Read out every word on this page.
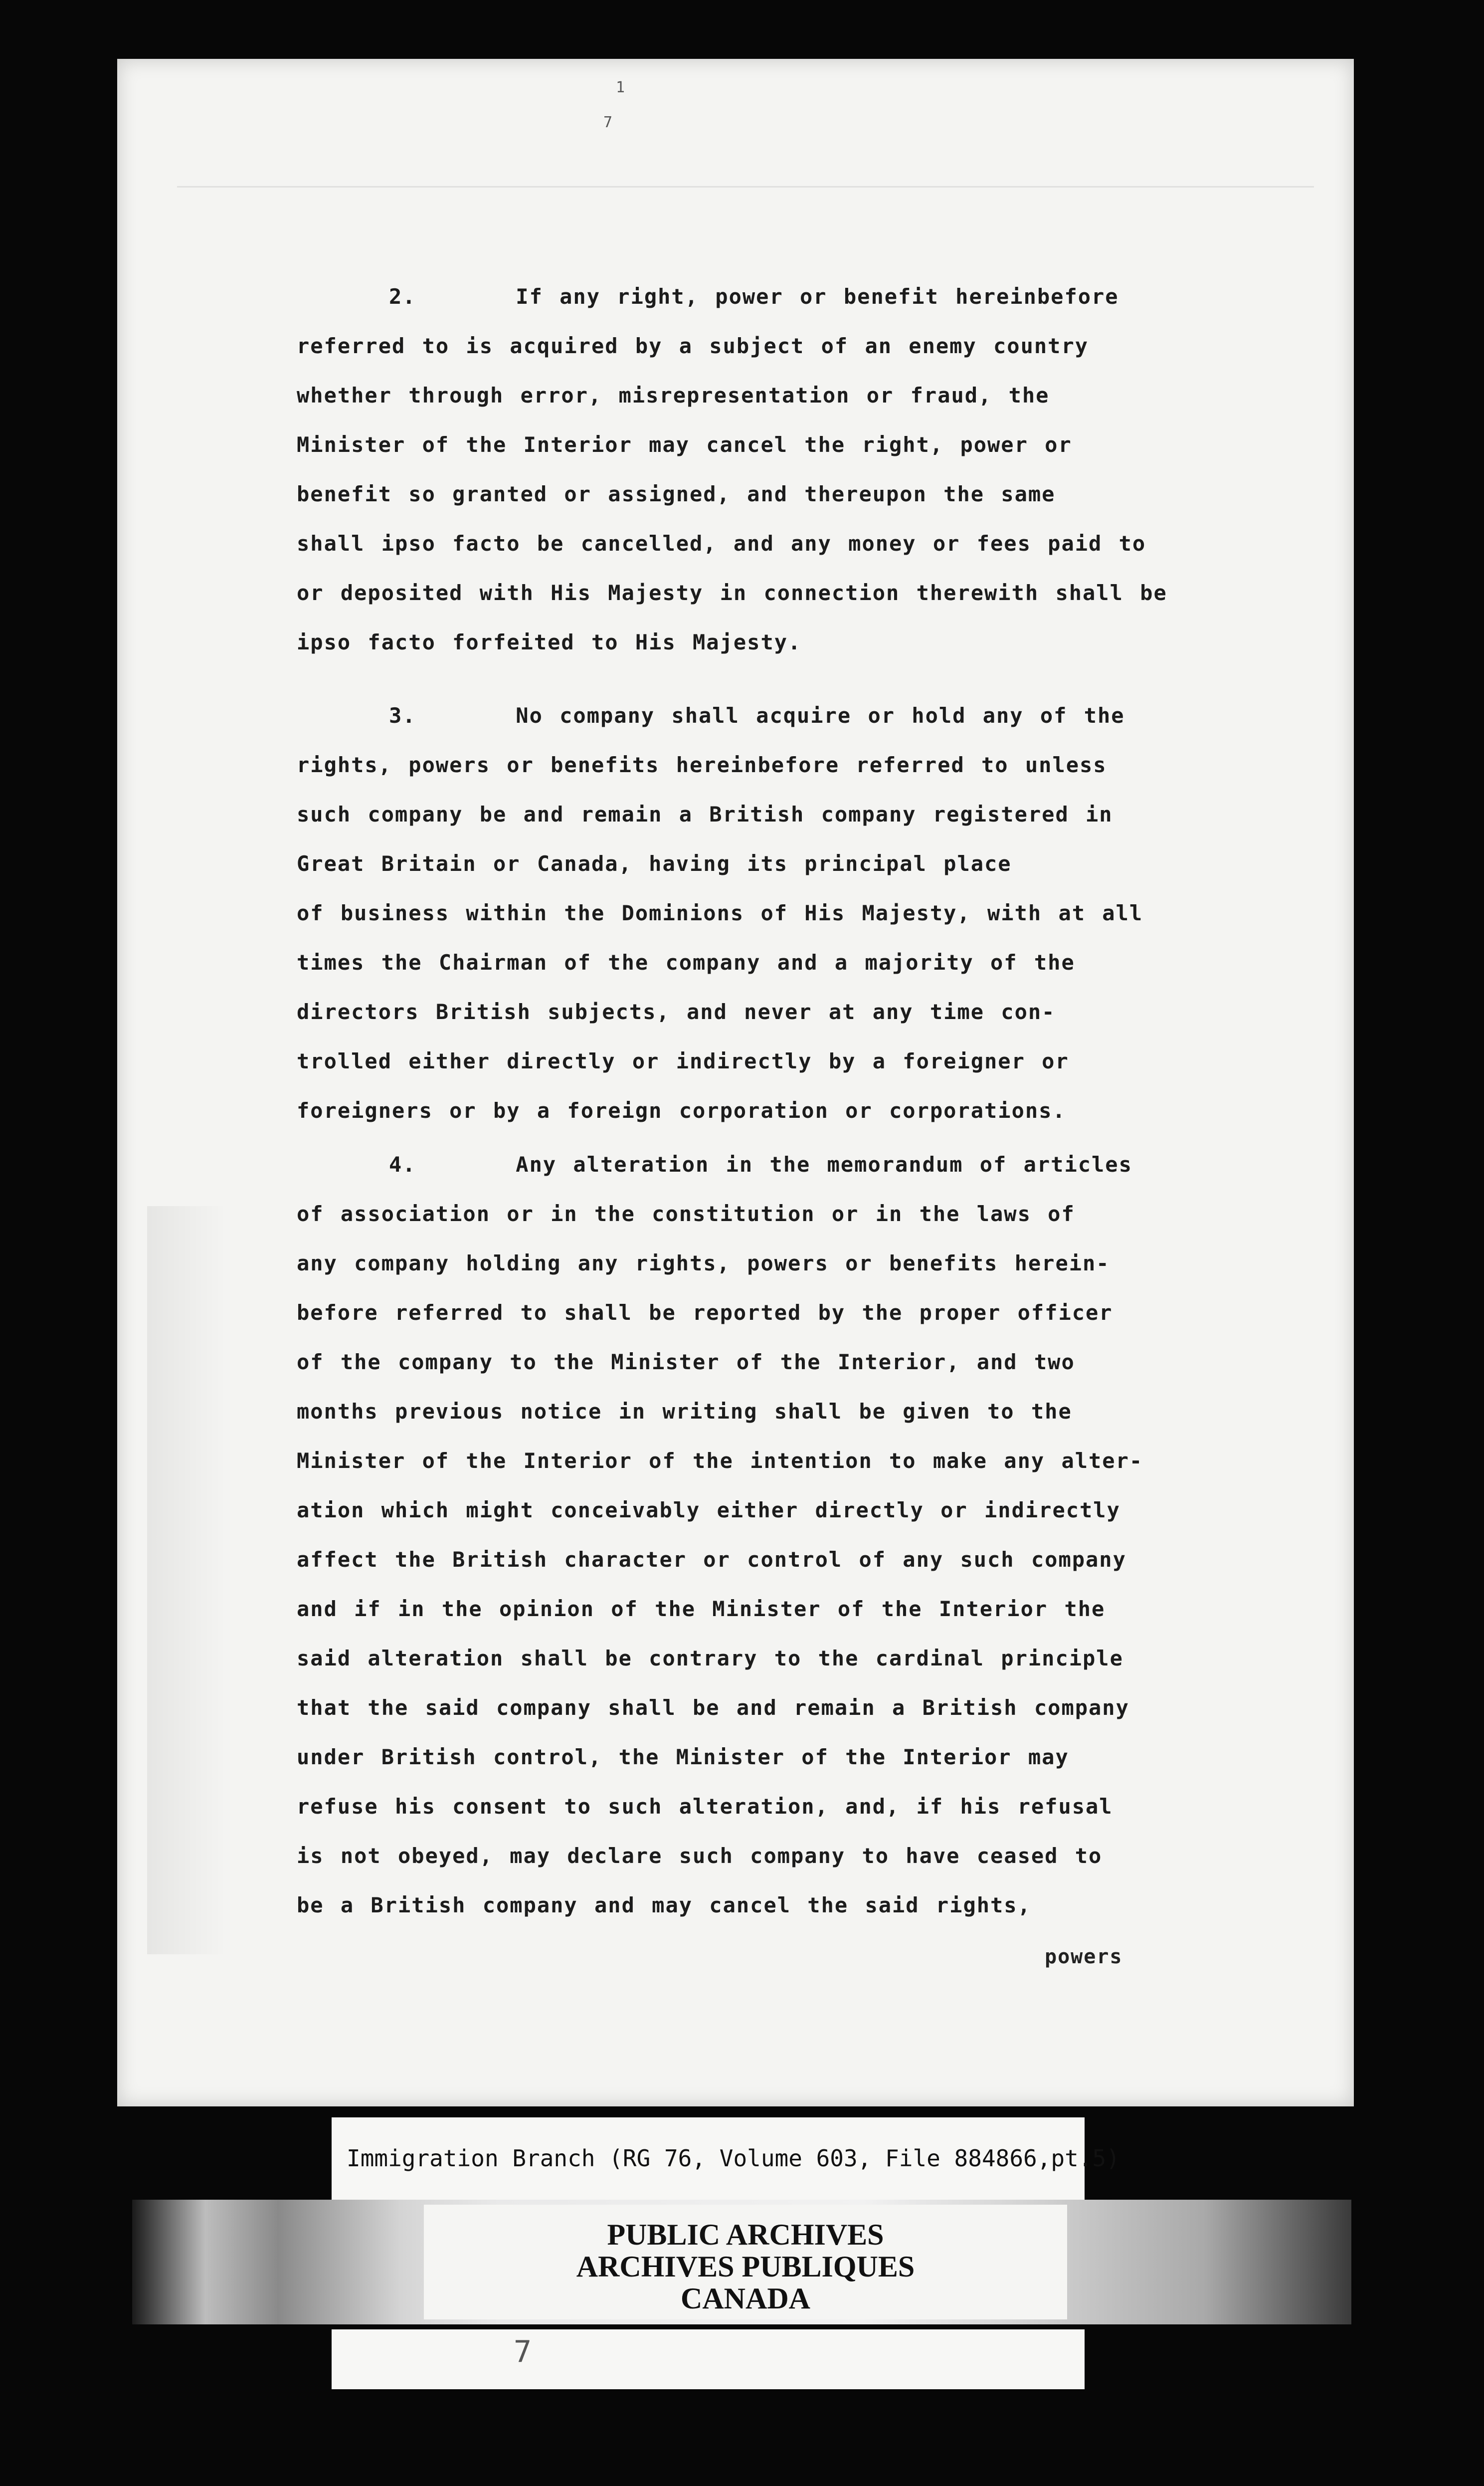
1
7
2.      If any right, power or benefit hereinbefore
referred to is acquired by a subject of an enemy country
whether through error, misrepresentation or fraud, the
Minister of the Interior may cancel the right, power or
benefit so granted or assigned, and thereupon the same
shall ipso facto be cancelled, and any money or fees paid to
or deposited with His Majesty in connection therewith shall be
ipso facto forfeited to His Majesty.
3.      No company shall acquire or hold any of the
rights, powers or benefits hereinbefore referred to unless
such company be and remain a British company registered in
Great Britain or Canada, having its principal place
of business within the Dominions of His Majesty, with at all
times the Chairman of the company and a majority of the
directors British subjects, and never at any time con-
trolled either directly or indirectly by a foreigner or
foreigners or by a foreign corporation or corporations.
4.      Any alteration in the memorandum of articles
of association or in the constitution or in the laws of
any company holding any rights, powers or benefits herein-
before referred to shall be reported by the proper officer
of the company to the Minister of the Interior, and two
months previous notice in writing shall be given to the
Minister of the Interior of the intention to make any alter-
ation which might conceivably either directly or indirectly
affect the British character or control of any such company
and if in the opinion of the Minister of the Interior the
said alteration shall be contrary to the cardinal principle
that the said company shall be and remain a British company
under British control, the Minister of the Interior may
refuse his consent to such alteration, and, if his refusal
is not obeyed, may declare such company to have ceased to
be a British company and may cancel the said rights,
powers
Immigration Branch (RG 76, Volume 603, File 884866,pt.5)
PUBLIC ARCHIVES
ARCHIVES PUBLIQUES
CANADA
7
